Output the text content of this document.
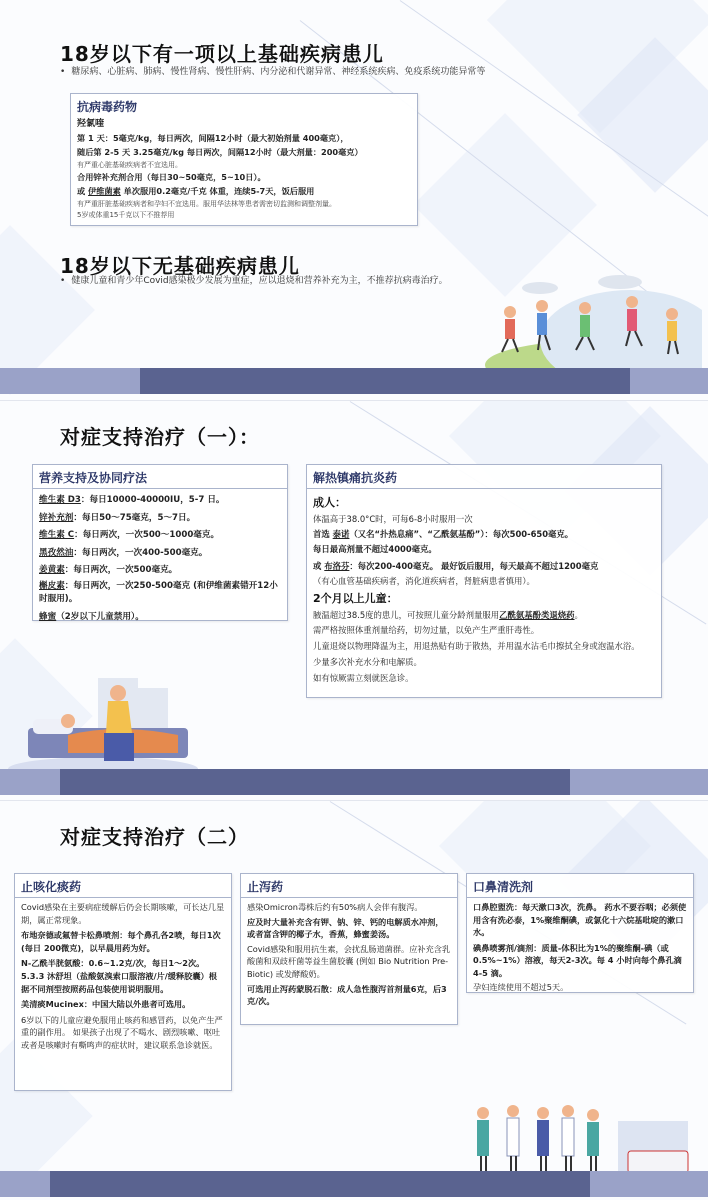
18岁以下有一项以上基础疾病患儿
• 糖尿病、心脏病、肺病、慢性肾病、慢性肝病、内分泌和代谢异常、神经系统疾病、免疫系统功能异常等
抗病毒药物

羟氯喹

第 1 天：5毫克/kg，每日两次，间隔12小时（最大初始剂量 400毫克），

随后第 2-5 天 3.25毫克/kg 每日两次，间隔12小时（最大剂量：200毫克）

有严重心脏基础疾病者不宜选用。

合用锌补充剂合用（每日30~50毫克，5~10日）。

或 伊维菌素 单次服用0.2毫克/千克 体重，连续5-7天，饭后服用

有严重肝脏基础疾病者和孕妇不宜选用。服用华法林等患者需密切监测和调整剂量。

5岁或体重15千克以下不推荐用

18岁以下无基础疾病患儿
• 健康儿童和青少年Covid感染极少发展为重症，应以退烧和营养补充为主，不推荐抗病毒治疗。
对症支持治疗（一）：
营养支持及协同疗法

维生素 D3：每日10000-40000IU，5-7 日。

锌补充剂：每日50～75毫克，5～7日。

维生素 C：每日两次，一次500～1000毫克。

黑孜然油：每日两次，一次400-500毫克。

姜黄素：每日两次，一次500毫克。

槲皮素：每日两次，一次250-500毫克 (和伊维菌素错开12小时服用)。

蜂蜜（2岁以下儿童禁用）。

解热镇痛抗炎药

成人：

体温高于38.0°C时，可每6-8小时服用一次

首选 泰诺（又名“扑热息痛”、“乙酰氨基酚”）：每次500-650毫克。

每日最高剂量不超过4000毫克。

或 布洛芬：每次200-400毫克。 最好饭后服用，每天最高不超过1200毫克

（有心血管基础疾病者，消化道疾病者，肾脏病患者慎用）。

2个月以上儿童：

腋温超过38.5度的患儿，可按照儿童分龄剂量服用乙酰氨基酚类退烧药。

需严格按照体重剂量给药，切勿过量，以免产生严重肝毒性。

儿童退烧以物理降温为主，用退热贴有助于散热，并用温水沾毛巾擦拭全身或泡温水浴。

少量多次补充水分和电解质。

如有惊厥需立刻就医急诊。

对症支持治疗（二）
止咳化痰药

Covid感染在主要病症缓解后仍会长期咳嗽，可长达几星期，属正常现象。

布地奈德或氟替卡松鼻喷剂：每个鼻孔各2喷，每日1次(每日 200微克)，以早晨用药为好。

N-乙酰半胱氨酸：0.6~1.2克/次，每日1～2次。 5.3.3 沐舒坦（盐酸氨溴索口服溶液/片/缓释胶囊）根据不同剂型按照药品包装使用说明服用。

美清痰Mucinex：中国大陆以外患者可选用。

6岁以下的儿童应避免服用止咳药和感冒药，以免产生严重的副作用。 如果孩子出现了不喝水、剧烈咳嗽、呕吐或者是咳嗽时有嘶鸣声的症状时，建议联系急诊就医。

止泻药

感染Omicron毒株后约有50%病人会伴有腹泻。

应及时大量补充含有钾、钠、锌、钙的电解质水冲剂，或者富含钾的椰子水，香蕉，蜂蜜姜汤。

Covid感染和服用抗生素，会扰乱肠道菌群。应补充含乳酸菌和双歧杆菌等益生菌胶囊 (例如 Bio Nutrition Pre-Biotic) 或发酵酸奶。

可选用止泻药蒙脱石散：成人急性腹泻首剂量6克，后3克/次。

口鼻清洗剂

口鼻腔盥洗：每天漱口3次，洗鼻。 药水不要吞咽；必须使用含有洗必泰，1%聚维酮碘，或氯化十六烷基吡啶的漱口水。

碘鼻喷雾剂/滴剂：质量-体积比为1%的聚维酮-碘（或0.5%~1%）溶液，每天2-3次。每 4 小时向每个鼻孔滴4-5 滴。

孕妇连续使用不超过5天。
